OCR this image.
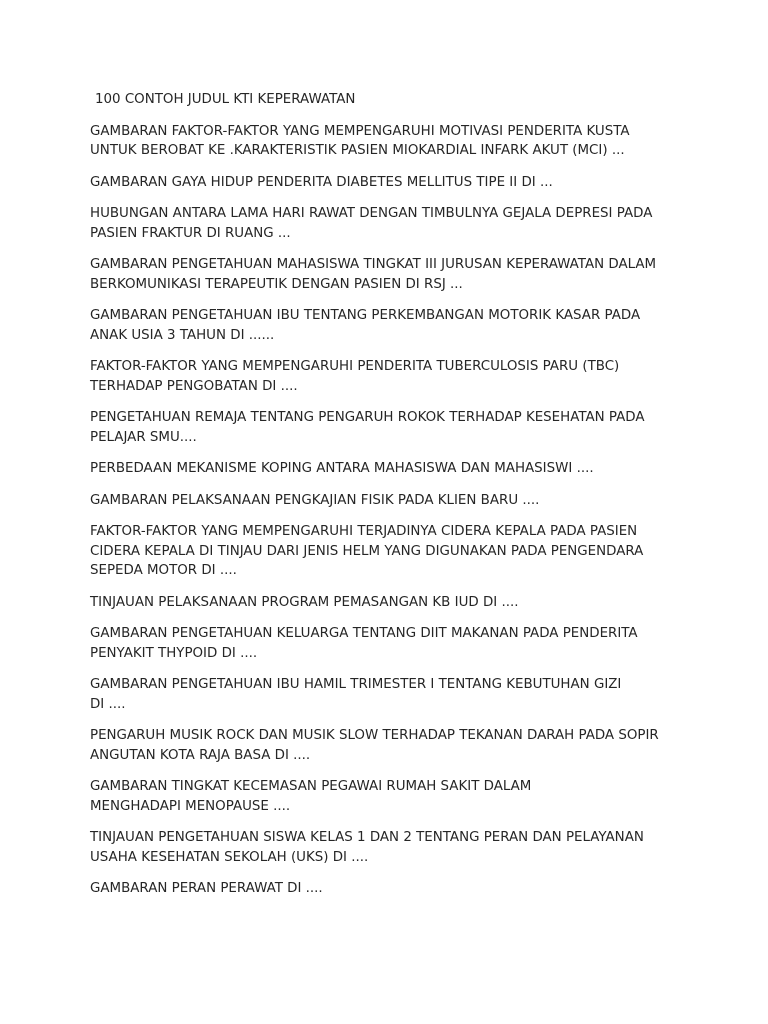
100 CONTOH JUDUL KTI KEPERAWATAN
GAMBARAN FAKTOR-FAKTOR YANG MEMPENGARUHI MOTIVASI PENDERITA KUSTA
UNTUK BEROBAT KE .KARAKTERISTIK PASIEN MIOKARDIAL INFARK AKUT (MCI) ...
GAMBARAN GAYA HIDUP PENDERITA DIABETES MELLITUS TIPE II DI ...
HUBUNGAN ANTARA LAMA HARI RAWAT DENGAN TIMBULNYA GEJALA DEPRESI PADA
PASIEN FRAKTUR DI RUANG ...
GAMBARAN PENGETAHUAN MAHASISWA TINGKAT III JURUSAN KEPERAWATAN DALAM
BERKOMUNIKASI TERAPEUTIK DENGAN PASIEN DI RSJ ...
GAMBARAN PENGETAHUAN IBU TENTANG PERKEMBANGAN MOTORIK KASAR PADA
ANAK USIA 3 TAHUN DI ......
FAKTOR-FAKTOR YANG MEMPENGARUHI PENDERITA TUBERCULOSIS PARU (TBC)
TERHADAP PENGOBATAN DI ....
PENGETAHUAN REMAJA TENTANG PENGARUH ROKOK TERHADAP KESEHATAN PADA
PELAJAR SMU....
PERBEDAAN MEKANISME KOPING ANTARA MAHASISWA DAN MAHASISWI ....
GAMBARAN PELAKSANAAN PENGKAJIAN FISIK PADA KLIEN BARU ....
FAKTOR-FAKTOR YANG MEMPENGARUHI TERJADINYA CIDERA KEPALA PADA PASIEN
CIDERA KEPALA DI TINJAU DARI JENIS HELM YANG DIGUNAKAN PADA PENGENDARA
SEPEDA MOTOR DI ....
TINJAUAN PELAKSANAAN PROGRAM PEMASANGAN KB IUD DI ....
GAMBARAN PENGETAHUAN KELUARGA TENTANG DIIT MAKANAN PADA PENDERITA
PENYAKIT THYPOID DI ....
GAMBARAN PENGETAHUAN IBU HAMIL TRIMESTER I TENTANG KEBUTUHAN GIZI
DI ....
PENGARUH MUSIK ROCK DAN MUSIK SLOW TERHADAP TEKANAN DARAH PADA SOPIR
ANGUTAN KOTA RAJA BASA DI ....
GAMBARAN TINGKAT KECEMASAN PEGAWAI RUMAH SAKIT DALAM
MENGHADAPI MENOPAUSE ....
TINJAUAN PENGETAHUAN SISWA KELAS 1 DAN 2 TENTANG PERAN DAN PELAYANAN
USAHA KESEHATAN SEKOLAH (UKS) DI ....
GAMBARAN PERAN PERAWAT DI ....
